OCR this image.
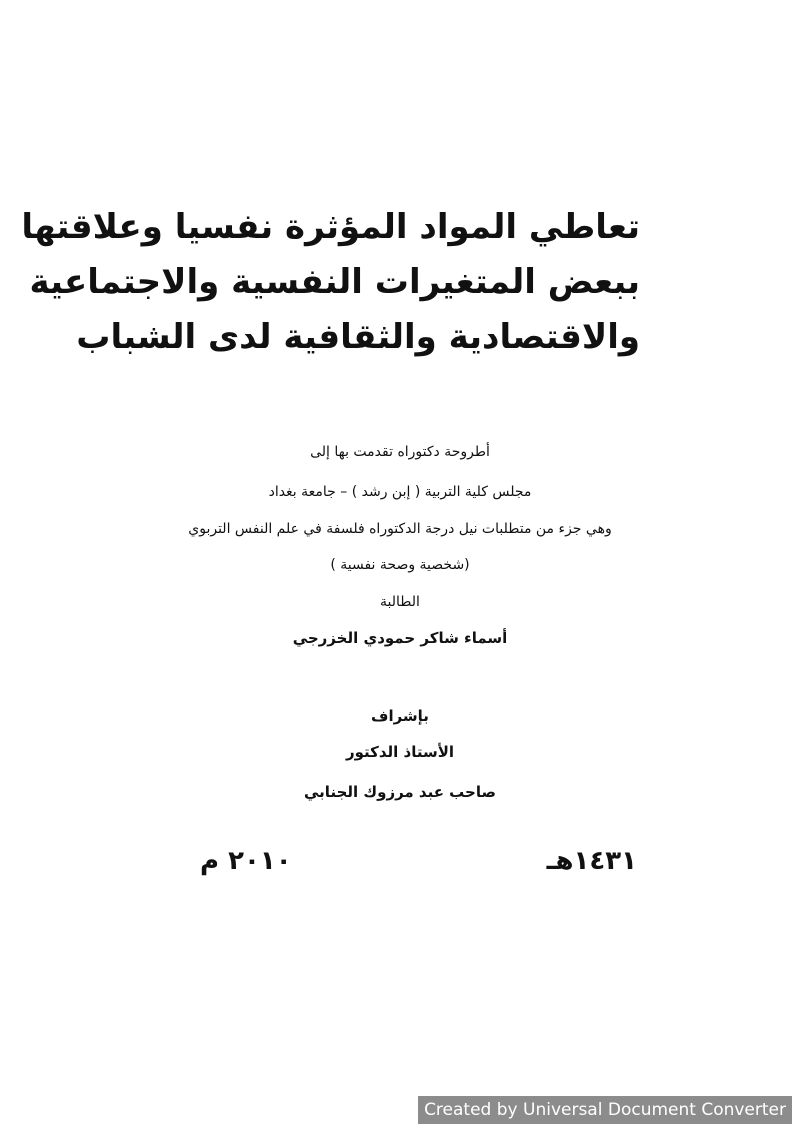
تعاطي المواد المؤثرة نفسيا وعلاقتها
ببعض المتغيرات النفسية والاجتماعية
والاقتصادية والثقافية لدى الشباب
أطروحة دكتوراه تقدمت بها إلى
مجلس كلية التربية ( إبن رشد ) – جامعة بغداد
وهي جزء من متطلبات نيل درجة الدكتوراه فلسفة في علم النفس التربوي
(شخصية وصحة نفسية )
الطالبة
أسماء شاكر حمودي الخزرجي
بإشراف
الأستاذ الدكتور
صاحب عبد مرزوك الجنابي
١٤٣١هـ
٢٠١٠ م
Created by Universal Document Converter
